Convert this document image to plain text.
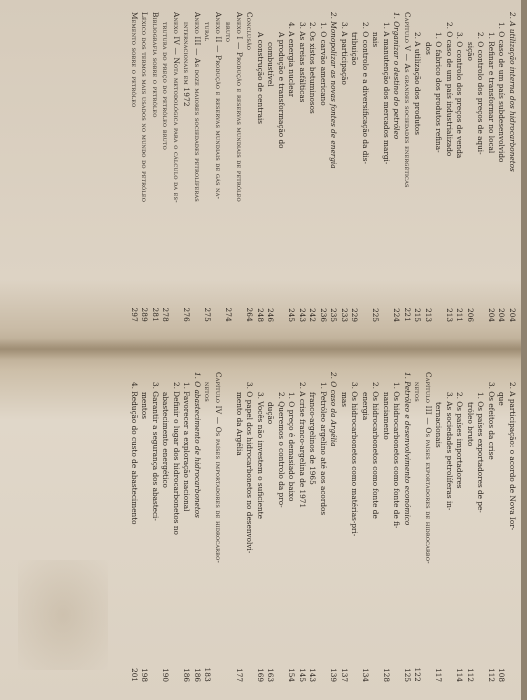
2. A utilização interna dos hidrocarbonetos
204
1. O caso de um país subdesenvolvido
204
1. Refinar e transformar no local
204
2. O controlo dos preços de aqui-
sição
206
3. O controlo dos preços de venda
211
2. O caso de um país industrializado
213
1. O fabrico dos produtos refina-
dos
213
2. A utilização dos produtos
215
Capítulo V — As grandes sociedades energéticas
221
1. Organizar o destino do petróleo
224
1. A manutenção dos mercados margi-
nais
225
2. O controlo e a diversificação da dis-
tribuição
229
3. A participação
233
2. Monopolizar as novas fontes de energia
235
1. O carvão americano
236
2. Os xistos betuminosos
242
3. As areias asfálticas
243
4. A energia nuclear
245
A produção e transformação do
combustível
246
A construção de centrais
248
Conclusão
264
Anexo I — Produção e reservas mundiais de petróleo
bruto
274
Anexo II — Produção e reservas mundiais de gás na-
tural
275
Anexo III — As doze maiores sociedades petrolíferas
internacionais em 1972
276
Anexo IV — Nota metodológica para o cálculo da es-
trutura do preço do petróleo bruto
278
Bibliografia sobre o petróleo
281
Léxico dos termos mais usados no mundo do petróleo
289
Memento sobre o petróleo
297
2. A participação: o acordo de Nova Ior-
que
108
3. Os efeitos da crise
112
1. Os países exportadores de pe-
tróleo bruto
112
2. Os países importadores
114
3. As sociedades petrolíferas in-
ternacionais
117
Capítulo III — Os países exportadores de hidrocarbo-
netos
122
1. Petróleo e desenvolvimento económico
125
1. Os hidrocarbonetos como fonte de fi-
nanciamento
128
2. Os hidrocarbonetos como fonte de
energia
134
3. Os hidrocarbonetos como matérias-pri-
mas
137
2. O caso da Argélia
139
1. Petróleo argelino até aos acordos
franco-argelinos de 1965
143
2. A crise franco-argelina de 1971
145
1. O preço é demasiado baixo
154
2. Queremos o controlo da pro-
dução
163
3. Vocês não investem o suficiente
169
3. O papel dos hidrocarbonetos no desenvolvi-
mento da Argélia
177
Capítulo IV — Os países importadores de hidrocarbo-
netos
183
1. O abastecimento de hidrocarbonetos
186
1. Favorecer a exploração nacional
186
2. Definir o lugar dos hidrocarbonetos no
abastecimento energético
190
3. Garantir a segurança dos abasteci-
mentos
198
4. Redução do custo de abastecimento
201
